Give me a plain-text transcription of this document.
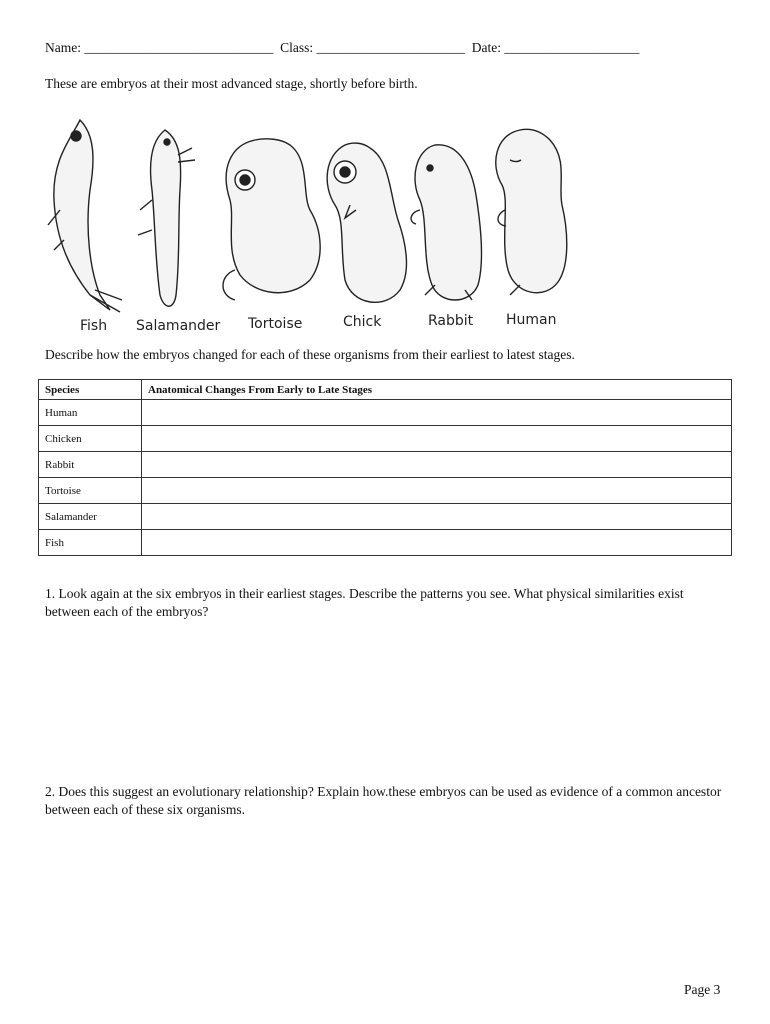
Name: ____________________________  Class: ______________________  Date: ____________________
These are embryos at their most advanced stage, shortly before birth.
Fish Salamander Tortoise	Chick	Rabbit Human
Describe how the embryos changed for each of these organisms from their earliest to latest stages.
Species	Anatomical Changes From Early to Late Stages
Human	
Chicken	
Rabbit	
Tortoise	
Salamander	
Fish	
1. Look again at the six embryos in their earliest stages. Describe the patterns you see. What physical similarities exist between each of the embryos?
2. Does this suggest an evolutionary relationship? Explain how.these embryos can be used as evidence of a common ancestor between each of these six organisms.
Page 3
